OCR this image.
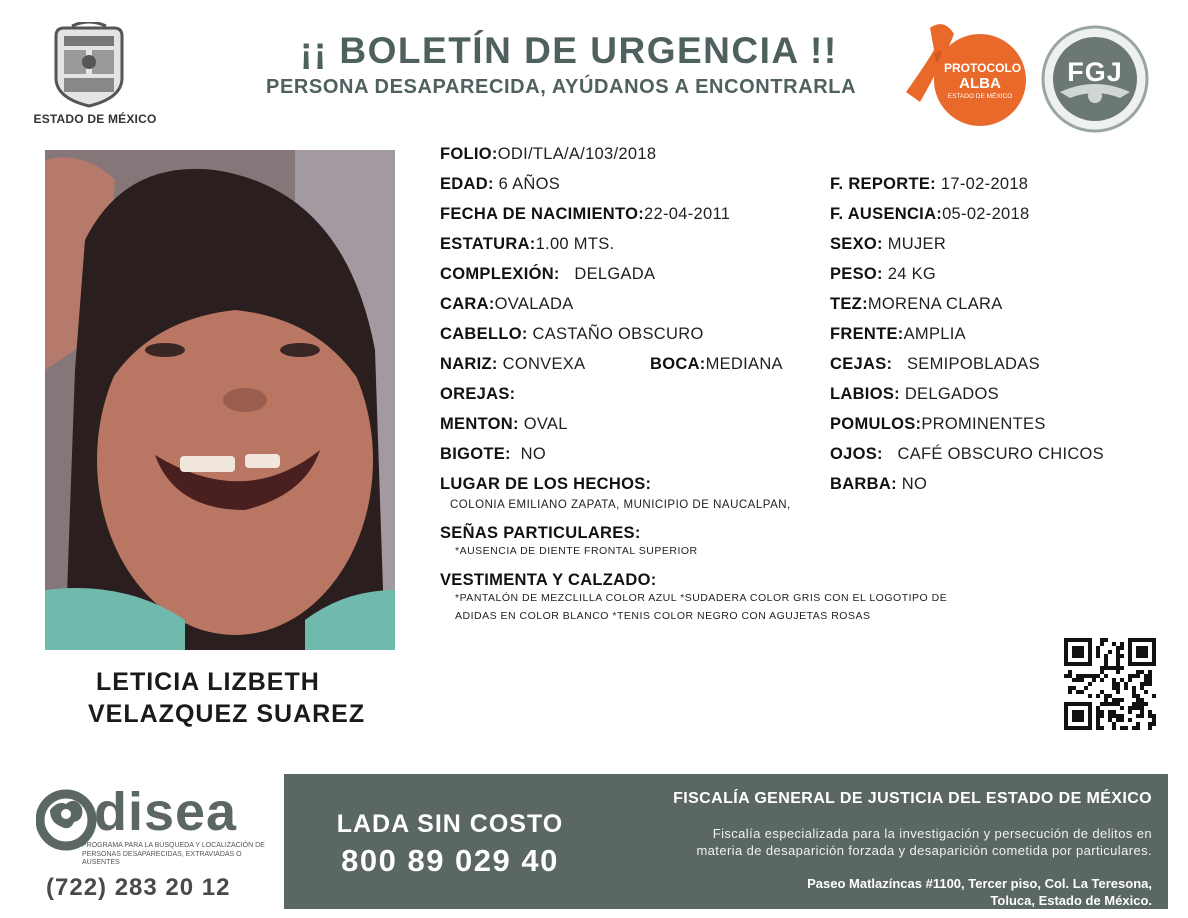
ESTADO DE MÉXICO
¡¡ BOLETÍN DE URGENCIA !!
PERSONA DESAPARECIDA, AYÚDANOS A ENCONTRARLA
PROTOCOLO
ALBA
ESTADO DE MÉXICO
FGJ
LETICIA LIZBETH
VELAZQUEZ SUAREZ
FOLIO:ODI/TLA/A/103/2018
EDAD: 6 AÑOS
FECHA DE NACIMIENTO:22-04-2011
ESTATURA:1.00 MTS.
COMPLEXIÓN: DELGADA
CARA:OVALADA
CABELLO: CASTAÑO OBSCURO
NARIZ: CONVEXA	BOCA:MEDIANA
OREJAS:
MENTON: OVAL
BIGOTE: NO
LUGAR DE LOS HECHOS:
COLONIA EMILIANO ZAPATA, MUNICIPIO DE NAUCALPAN,
SEÑAS PARTICULARES:
*AUSENCIA DE DIENTE FRONTAL SUPERIOR
VESTIMENTA Y CALZADO:
*PANTALÓN DE MEZCLILLA COLOR AZUL *SUDADERA COLOR GRIS CON EL LOGOTIPO DE
ADIDAS EN COLOR BLANCO *TENIS COLOR NEGRO CON AGUJETAS ROSAS
F. REPORTE: 17-02-2018
F. AUSENCIA:05-02-2018
SEXO: MUJER
PESO: 24 KG
TEZ:MORENA CLARA
FRENTE:AMPLIA
CEJAS: SEMIPOBLADAS
LABIOS: DELGADOS
POMULOS:PROMINENTES
OJOS: CAFÉ OBSCURO CHICOS
BARBA: NO
disea
PROGRAMA PARA LA BÚSQUEDA Y LOCALIZACIÓN DE PERSONAS DESAPARECIDAS, EXTRAVIADAS O AUSENTES
(722) 283 20 12
LADA SIN COSTO
800 89 029 40
FISCALÍA GENERAL DE JUSTICIA DEL ESTADO DE MÉXICO
Fiscalía especializada para la investigación y persecución de delitos en
materia de desaparición forzada y desaparición cometida por particulares.
Paseo Matlazíncas #1100, Tercer piso, Col. La Teresona,
Toluca, Estado de México.
